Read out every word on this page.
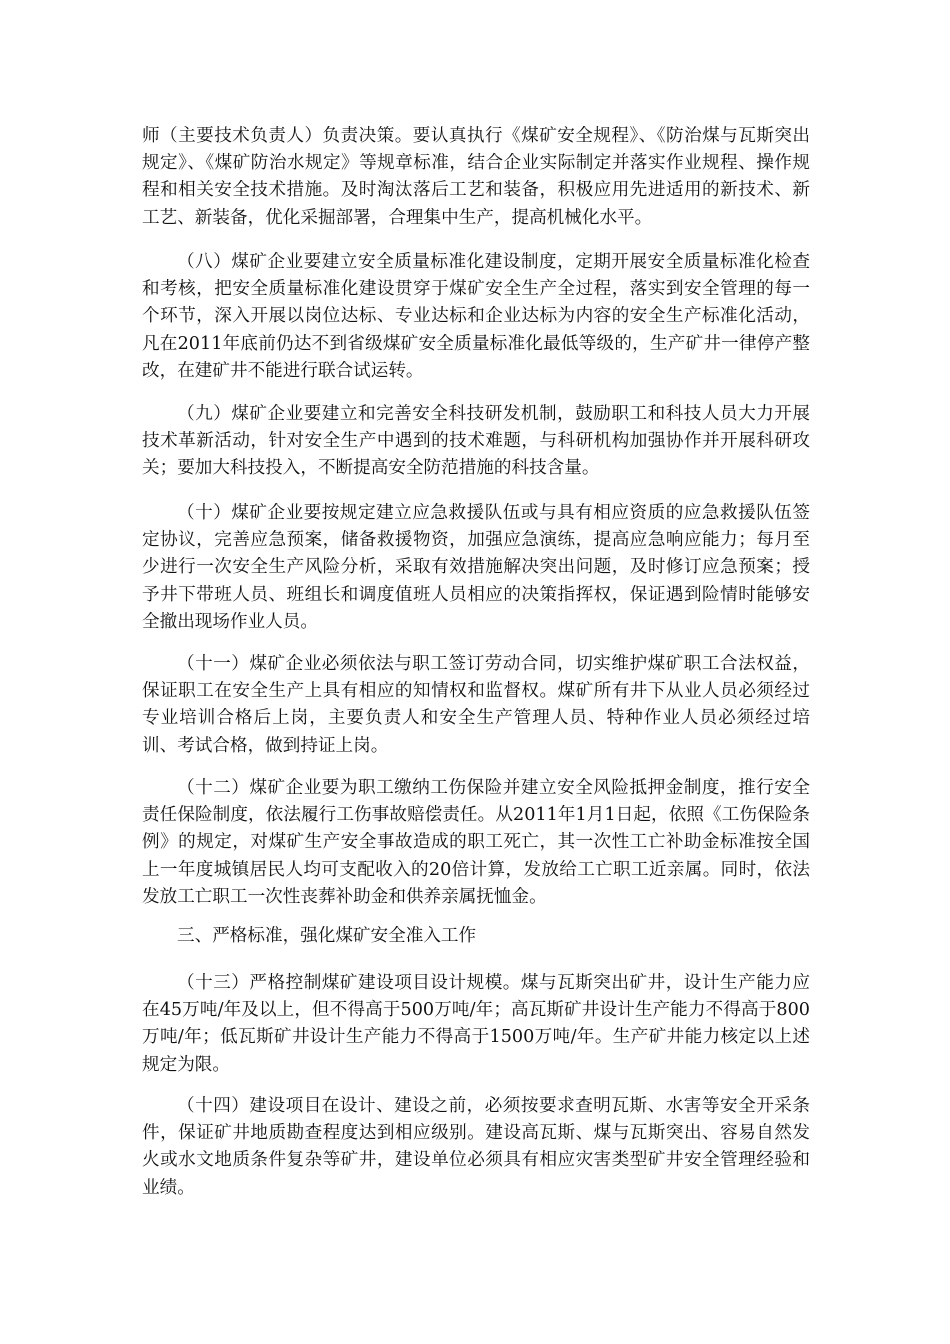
师（主要技术负责人）负责决策。要认真执行《煤矿安全规程》、《防治煤与瓦斯突出规定》、《煤矿防治水规定》等规章标准，结合企业实际制定并落实作业规程、操作规程和相关安全技术措施。及时淘汰落后工艺和装备，积极应用先进适用的新技术、新工艺、新装备，优化采掘部署，合理集中生产，提高机械化水平。

（八）煤矿企业要建立安全质量标准化建设制度，定期开展安全质量标准化检查和考核，把安全质量标准化建设贯穿于煤矿安全生产全过程，落实到安全管理的每一个环节，深入开展以岗位达标、专业达标和企业达标为内容的安全生产标准化活动，凡在2011年底前仍达不到省级煤矿安全质量标准化最低等级的，生产矿井一律停产整改，在建矿井不能进行联合试运转。

（九）煤矿企业要建立和完善安全科技研发机制，鼓励职工和科技人员大力开展技术革新活动，针对安全生产中遇到的技术难题，与科研机构加强协作并开展科研攻关；要加大科技投入，不断提高安全防范措施的科技含量。

（十）煤矿企业要按规定建立应急救援队伍或与具有相应资质的应急救援队伍签定协议，完善应急预案，储备救援物资，加强应急演练，提高应急响应能力；每月至少进行一次安全生产风险分析，采取有效措施解决突出问题，及时修订应急预案；授予井下带班人员、班组长和调度值班人员相应的决策指挥权，保证遇到险情时能够安全撤出现场作业人员。

（十一）煤矿企业必须依法与职工签订劳动合同，切实维护煤矿职工合法权益，保证职工在安全生产上具有相应的知情权和监督权。煤矿所有井下从业人员必须经过专业培训合格后上岗，主要负责人和安全生产管理人员、特种作业人员必须经过培训、考试合格，做到持证上岗。

（十二）煤矿企业要为职工缴纳工伤保险并建立安全风险抵押金制度，推行安全责任保险制度，依法履行工伤事故赔偿责任。从2011年1月1日起，依照《工伤保险条例》的规定，对煤矿生产安全事故造成的职工死亡，其一次性工亡补助金标准按全国上一年度城镇居民人均可支配收入的20倍计算，发放给工亡职工近亲属。同时，依法发放工亡职工一次性丧葬补助金和供养亲属抚恤金。

三、严格标准，强化煤矿安全准入工作

（十三）严格控制煤矿建设项目设计规模。煤与瓦斯突出矿井，设计生产能力应在45万吨/年及以上，但不得高于500万吨/年；高瓦斯矿井设计生产能力不得高于800万吨/年；低瓦斯矿井设计生产能力不得高于1500万吨/年。生产矿井能力核定以上述规定为限。

（十四）建设项目在设计、建设之前，必须按要求查明瓦斯、水害等安全开采条件，保证矿井地质勘查程度达到相应级别。建设高瓦斯、煤与瓦斯突出、容易自然发火或水文地质条件复杂等矿井，建设单位必须具有相应灾害类型矿井安全管理经验和业绩。
